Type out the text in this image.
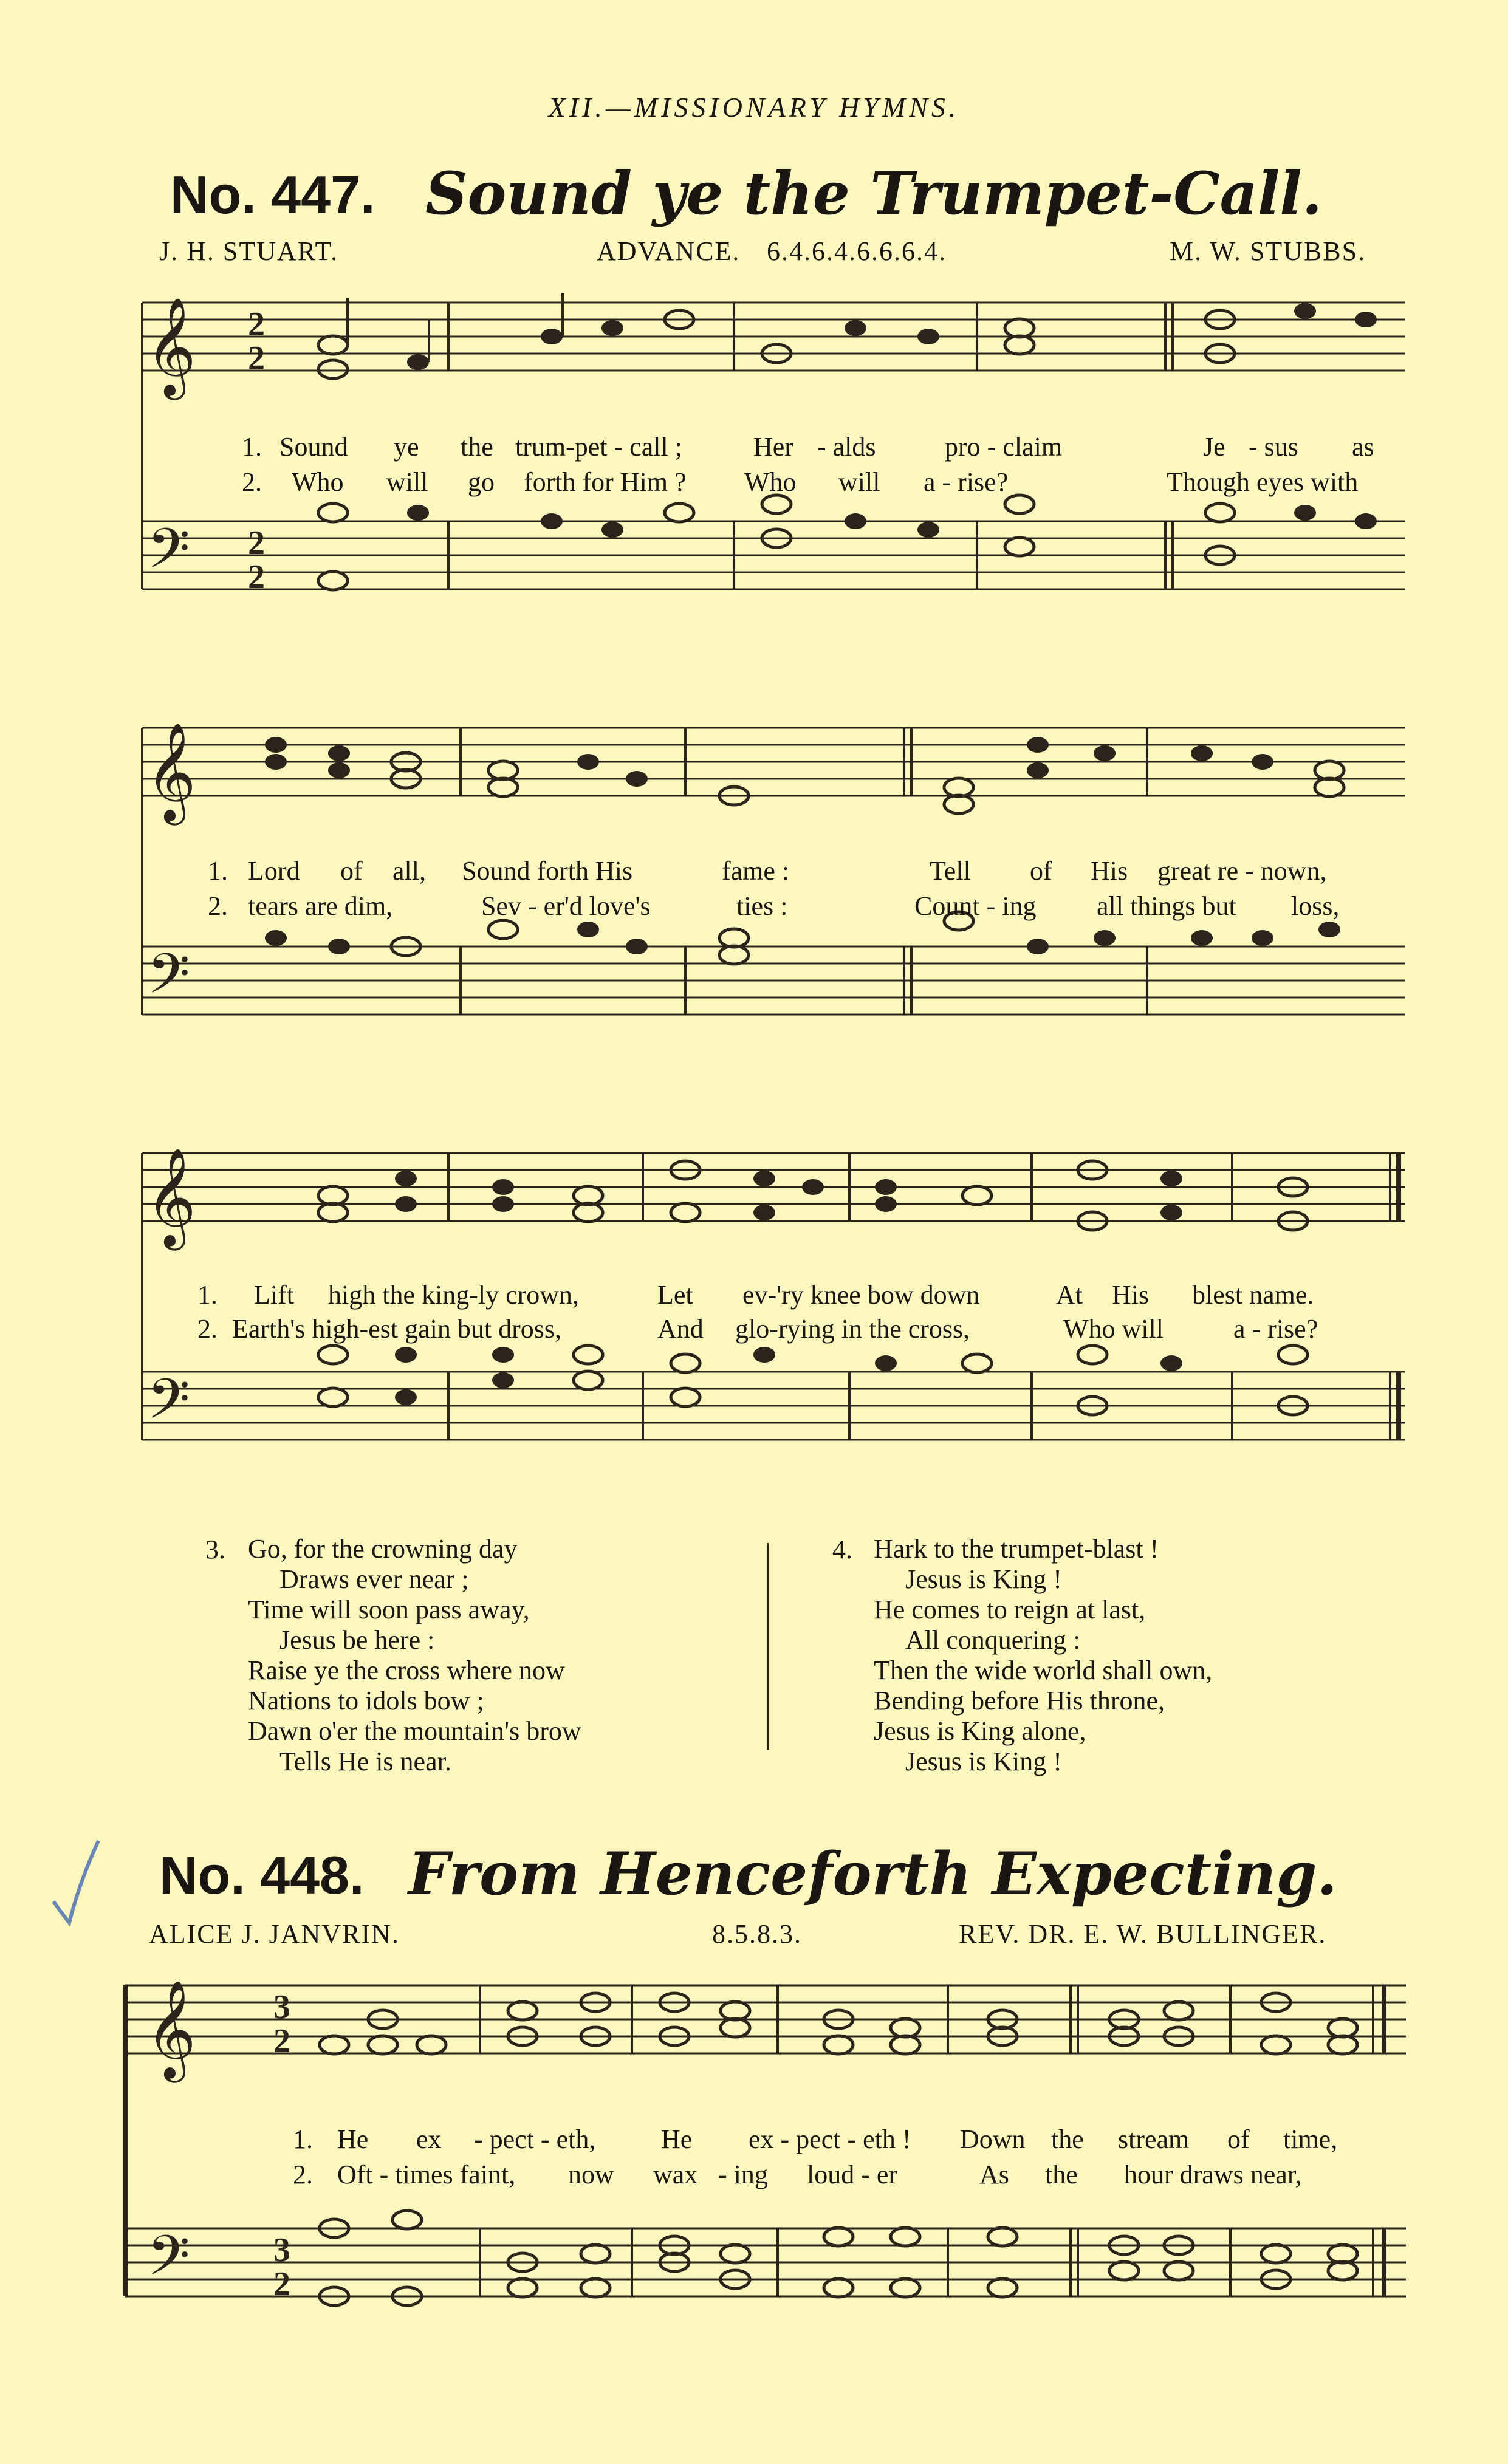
XII.—MISSIONARY HYMNS.
No. 447. Sound ye the Trumpet-Call.
J. H. STUART.	ADVANCE. 6.4.6.4.6.6.6.4.	M. W. STUBBS.
𝄞 2
2
𝄢 2
2
1. Sound ye the trum-pet - call ;	Her - alds	pro - claim	Je - sus as
2. Who will go forth for Him ? Who will a - rise?	Though eyes with
𝄞
𝄢
1. Lord of all, Sound forth His	fame :	Tell of His great re - nown,
2. tears are dim,	Sev - er'd love's	ties :	Count - ing all things but loss,
𝄞
𝄢
1. Lift high the king-ly crown,	Let ev-'ry knee bow down	At His blest name.
2. Earth's high-est gain but dross,	And glo-rying in the cross,	Who will	a - rise?
3. Go, for the crowning day
Draws ever near ;
Time will soon pass away,
Jesus be here :
Raise ye the cross where now
Nations to idols bow ;
Dawn o'er the mountain's brow
Tells He is near.
4. Hark to the trumpet-blast !
Jesus is King !
He comes to reign at last,
All conquering :
Then the wide world shall own,
Bending before His throne,
Jesus is King alone,
Jesus is King !
No. 448. From Henceforth Expecting.
ALICE J. JANVRIN.	8.5.8.3.	REV. DR. E. W. BULLINGER.
𝄞 3
2
𝄢 3
2
1. He ex - pect - eth, He ex - pect - eth ! Down the stream of time,
2. Oft - times faint, now wax - ing loud - er	As the hour draws near,
